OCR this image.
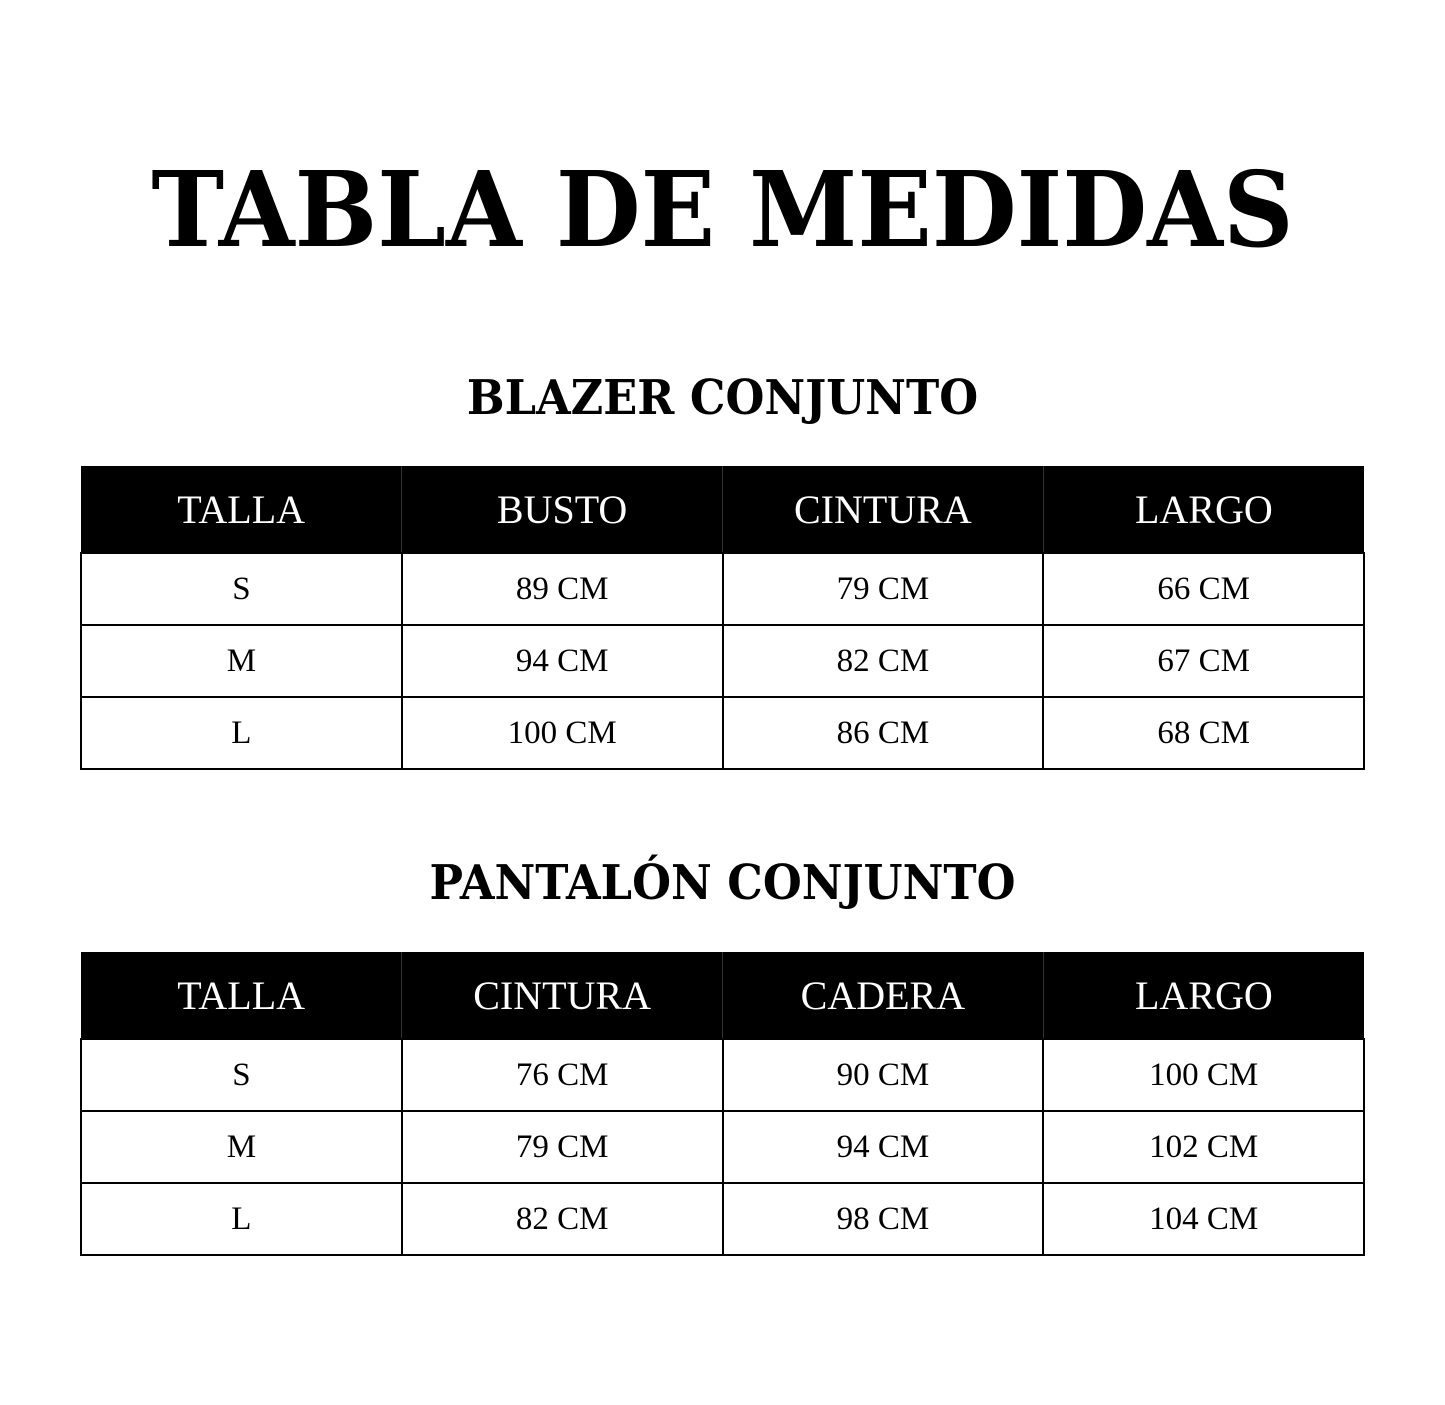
TABLA DE MEDIDAS
BLAZER CONJUNTO
TALLA	BUSTO	CINTURA	LARGO
S	89 CM	79 CM	66 CM
M	94 CM	82 CM	67 CM
L	100 CM	86 CM	68 CM
PANTALÓN CONJUNTO
TALLA	CINTURA	CADERA	LARGO
S	76 CM	90 CM	100 CM
M	79 CM	94 CM	102 CM
L	82 CM	98 CM	104 CM
